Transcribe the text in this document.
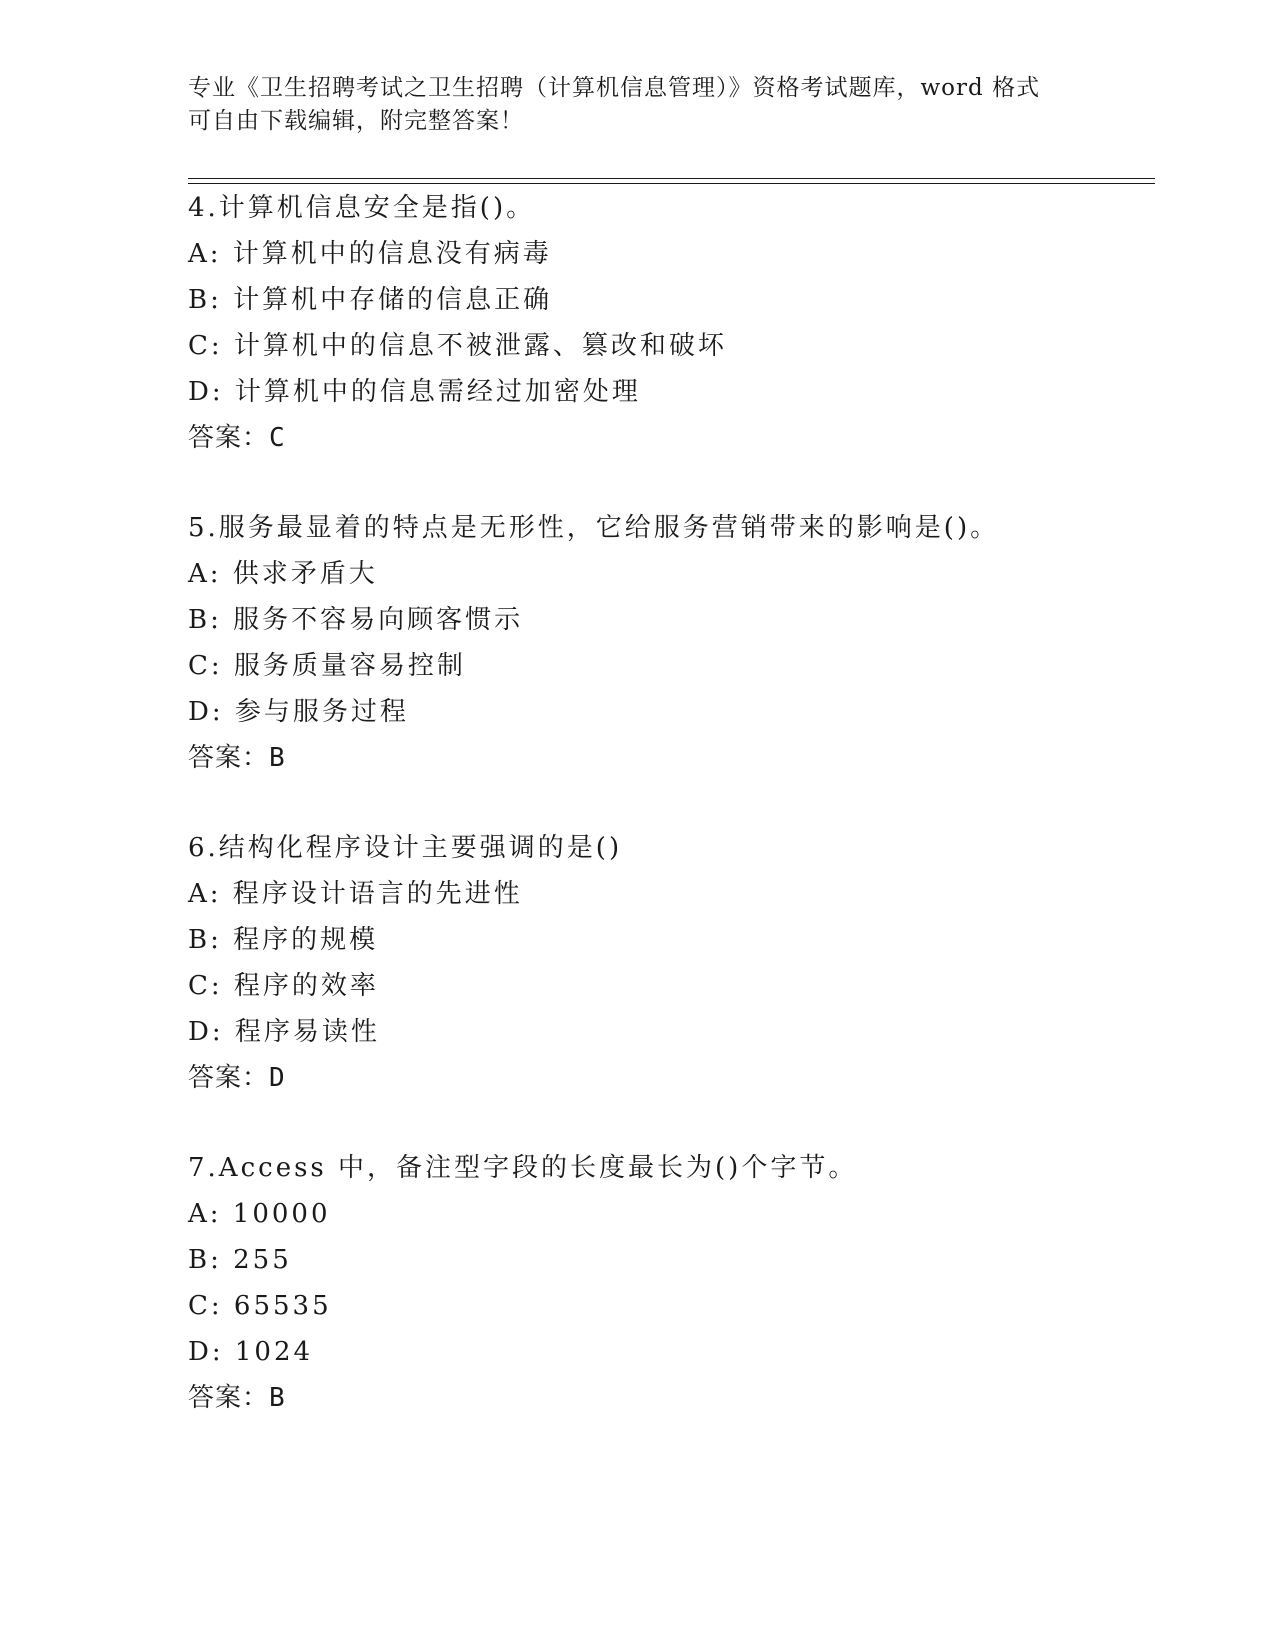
专业《卫生招聘考试之卫生招聘（计算机信息管理）》资格考试题库，word 格式
可自由下载编辑，附完整答案！
4.计算机信息安全是指()。
A: 计算机中的信息没有病毒
B: 计算机中存储的信息正确
C: 计算机中的信息不被泄露、篡改和破坏
D: 计算机中的信息需经过加密处理
答案：C
5.服务最显着的特点是无形性，它给服务营销带来的影响是()。
A: 供求矛盾大
B: 服务不容易向顾客惯示
C: 服务质量容易控制
D: 参与服务过程
答案：B
6.结构化程序设计主要强调的是()
A: 程序设计语言的先进性
B: 程序的规模
C: 程序的效率
D: 程序易读性
答案：D
7.Access 中，备注型字段的长度最长为()个字节。
A: 10000
B: 255
C: 65535
D: 1024
答案：B
